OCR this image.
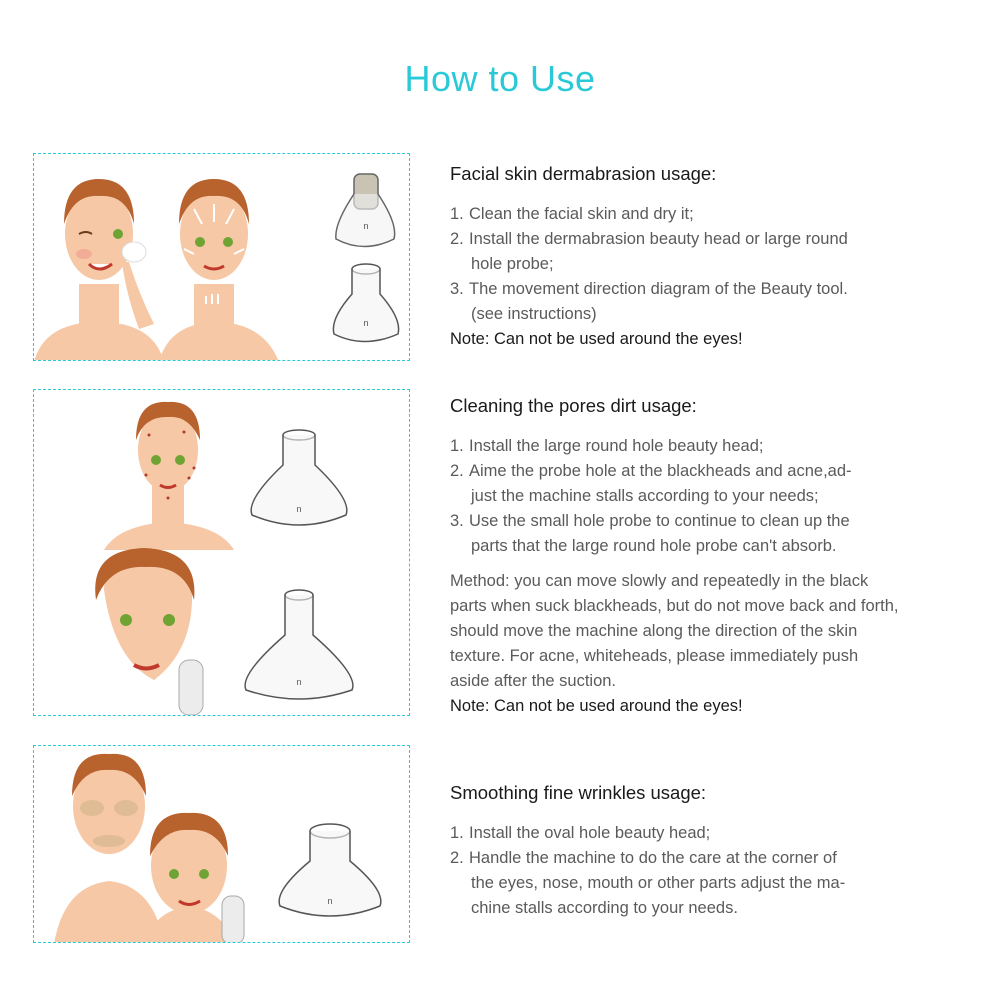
How to Use
n
n
Facial skin dermabrasion usage:
1. Clean the facial skin and dry it;
2. Install the dermabrasion beauty head or large round
hole probe;
3. The movement direction diagram of the Beauty tool.
(see instructions)
Note: Can not be used around the eyes!
n
n
Cleaning the pores dirt usage:
1. Install the large round hole beauty head;
2. Aime the probe hole at the blackheads and acne,ad-
just the machine stalls according to your needs;
3. Use the small hole probe to continue to clean up the
parts that the large round hole probe can't absorb.

Method: you can move slowly and repeatedly in the black parts when suck blackheads, but do not move back and forth, should move the machine along the direction of the skin texture. For acne, whiteheads, please immediately push aside after the suction.

Note: Can not be used around the eyes!
n
Smoothing fine wrinkles usage:
1. Install the oval hole beauty head;
2. Handle the machine to do the care at the corner of
the eyes, nose, mouth or other parts adjust the ma-
chine stalls according to your needs.
